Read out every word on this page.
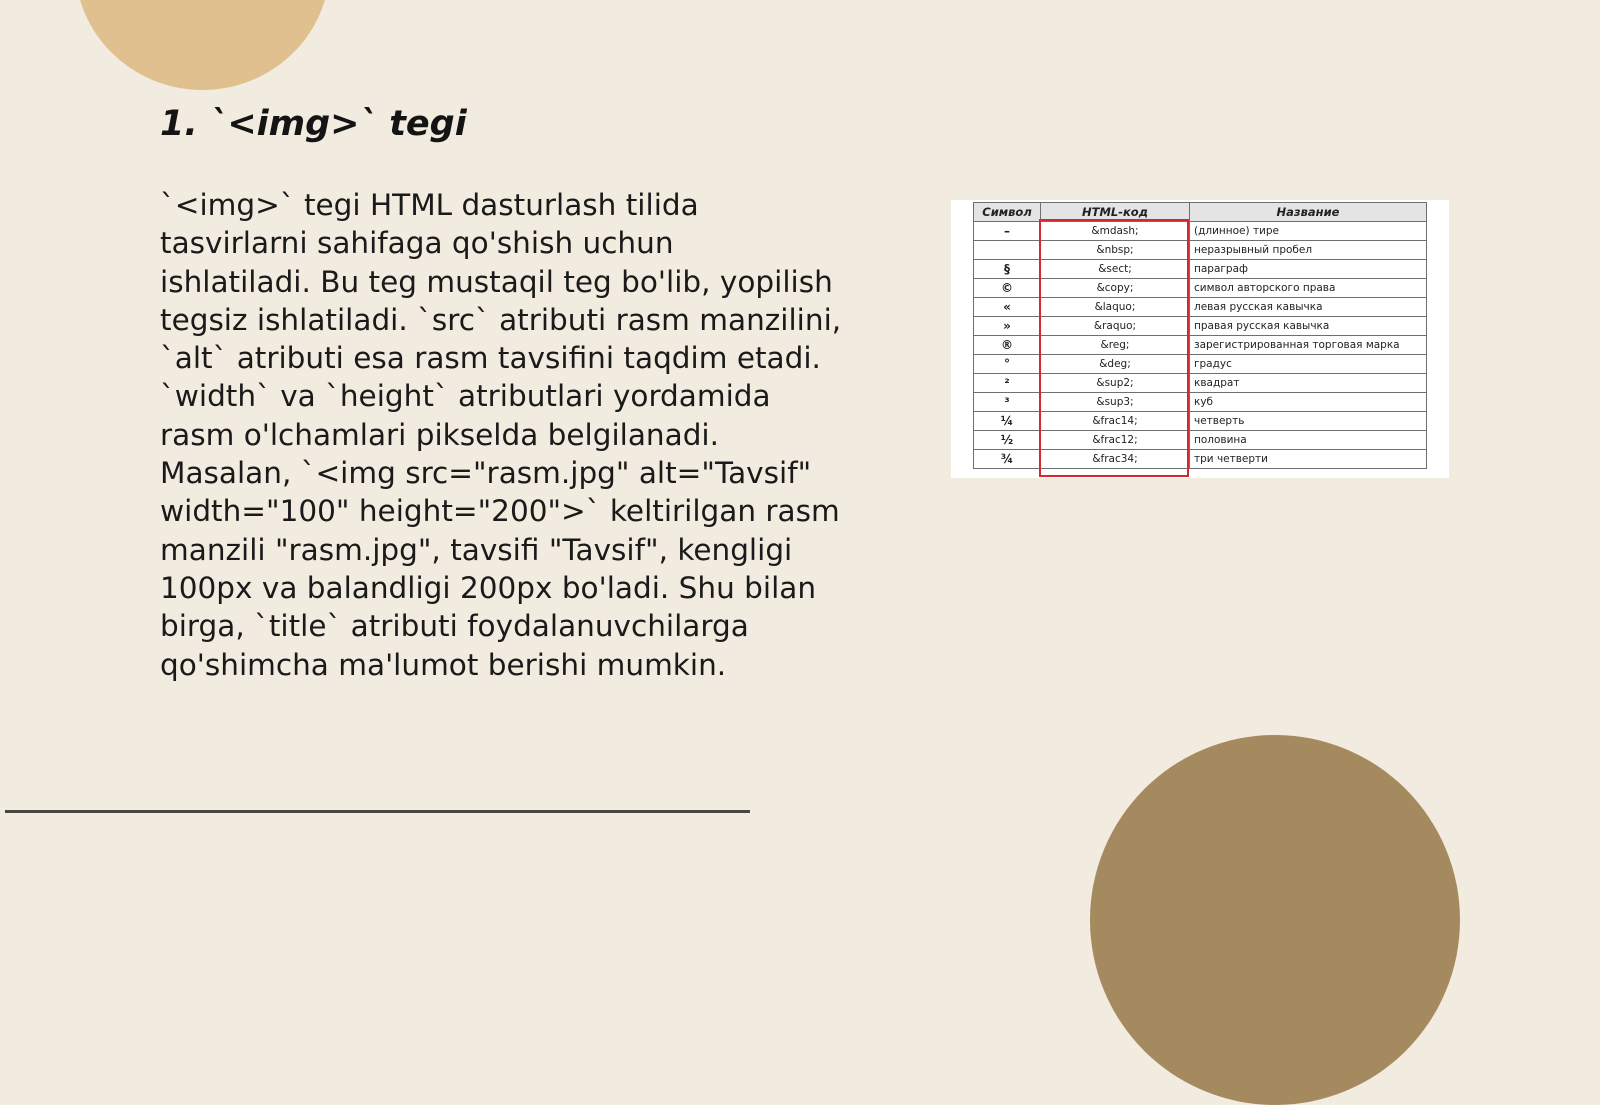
1. `<img>` tegi
`<img>` tegi HTML dasturlash tilida
tasvirlarni sahifaga qo'shish uchun
ishlatiladi. Bu teg mustaqil teg bo'lib, yopilish
tegsiz ishlatiladi. `src` atributi rasm manzilini,
`alt` atributi esa rasm tavsifini taqdim etadi.
`width` va `height` atributlari yordamida
rasm o'lchamlari pikselda belgilanadi.
Masalan, `<img src="rasm.jpg" alt="Tavsif"
width="100" height="200">` keltirilgan rasm
manzili "rasm.jpg", tavsifi "Tavsif", kengligi
100px va balandligi 200px bo'ladi. Shu bilan
birga, `title` atributi foydalanuvchilarga
qo'shimcha ma'lumot berishi mumkin.
Символ	HTML-код	Название
–	&mdash;	(длинное) тире
	&nbsp;	неразрывный пробел
§	&sect;	параграф
©	&copy;	символ авторского права
«	&laquo;	левая русская кавычка
»	&raquo;	правая русская кавычка
®	&reg;	зарегистрированная торговая марка
°	&deg;	градус
²	&sup2;	квадрат
³	&sup3;	куб
¼	&frac14;	четверть
½	&frac12;	половина
¾	&frac34;	три четверти
